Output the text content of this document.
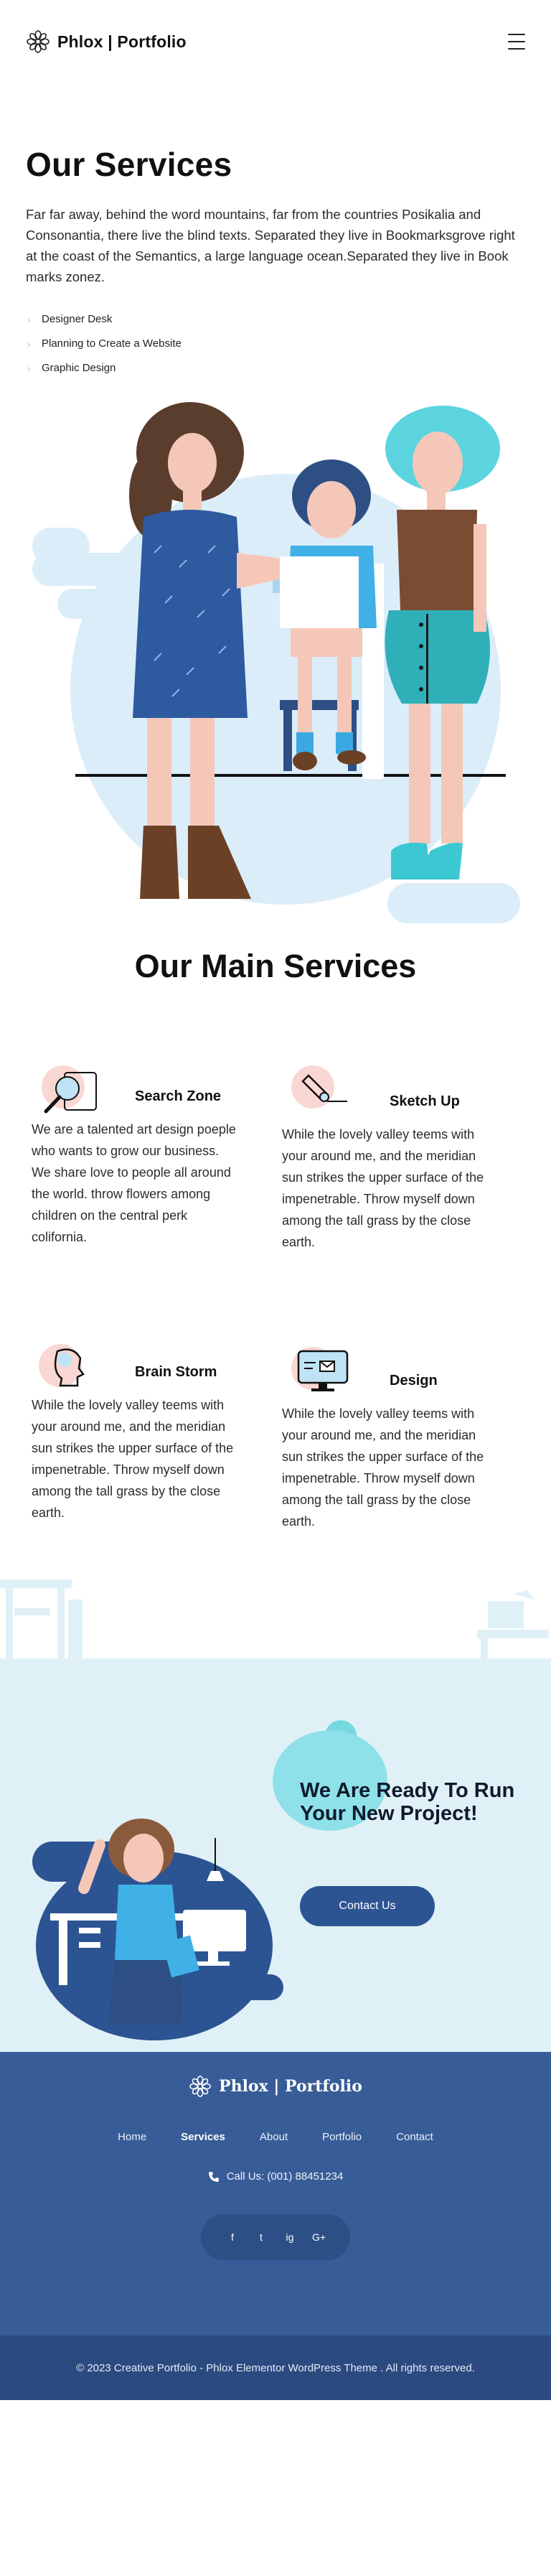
Phlox | Portfolio
Our Services

Far far away, behind the word mountains, far from the countries Posikalia and Consonantia, there live the blind texts. Separated they live in Bookmarksgrove right at the coast of the Semantics, a large language ocean.Separated they live in Book marks zonez.

› Designer Desk
› Planning to Create a Website
› Graphic Design
Our Main Services
Search Zone
We are a talented art design poeple who wants to grow our business. We share love to people all around the world. throw flowers among children on the central perk colifornia.
Sketch Up
While the lovely valley teems with your around me, and the meridian sun strikes the upper surface of the impenetrable. Throw myself down among the tall grass by the close earth.
Brain Storm
While the lovely valley teems with your around me, and the meridian sun strikes the upper surface of the impenetrable. Throw myself down among the tall grass by the close earth.
Design
While the lovely valley teems with your around me, and the meridian sun strikes the upper surface of the impenetrable. Throw myself down among the tall grass by the close earth.
We Are Ready To Run Your New Project!
Contact Us
Phlox | Portfolio
Home	Services	About	Portfolio	Contact
Call Us: (001) 88451234
f	t	ig G+
© 2023 Creative Portfolio - Phlox Elementor WordPress Theme . All rights reserved.
